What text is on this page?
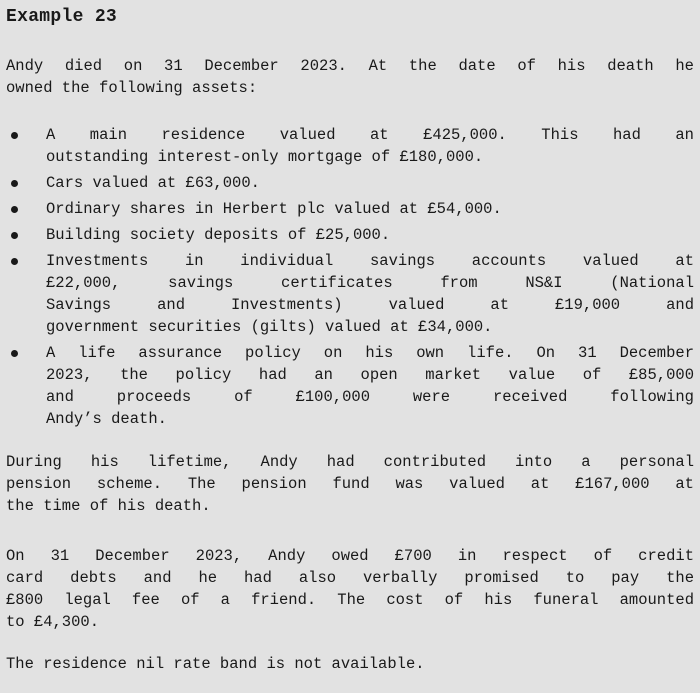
Example 23
Andy died on 31 December 2023. At the date of his death he
owned the following assets:
A main residence valued at £425,000. This had an
outstanding interest-only mortgage of £180,000.
Cars valued at £63,000.
Ordinary shares in Herbert plc valued at £54,000.
Building society deposits of £25,000.
Investments in individual savings accounts valued at
£22,000, savings certificates from NS&I (National
Savings and Investments) valued at £19,000 and
government securities (gilts) valued at £34,000.
A life assurance policy on his own life. On 31 December
2023, the policy had an open market value of £85,000
and proceeds of £100,000 were received following
Andy’s death.
During his lifetime, Andy had contributed into a personal
pension scheme. The pension fund was valued at £167,000 at
the time of his death.
On 31 December 2023, Andy owed £700 in respect of credit
card debts and he had also verbally promised to pay the
£800 legal fee of a friend. The cost of his funeral amounted
to £4,300.
The residence nil rate band is not available.
